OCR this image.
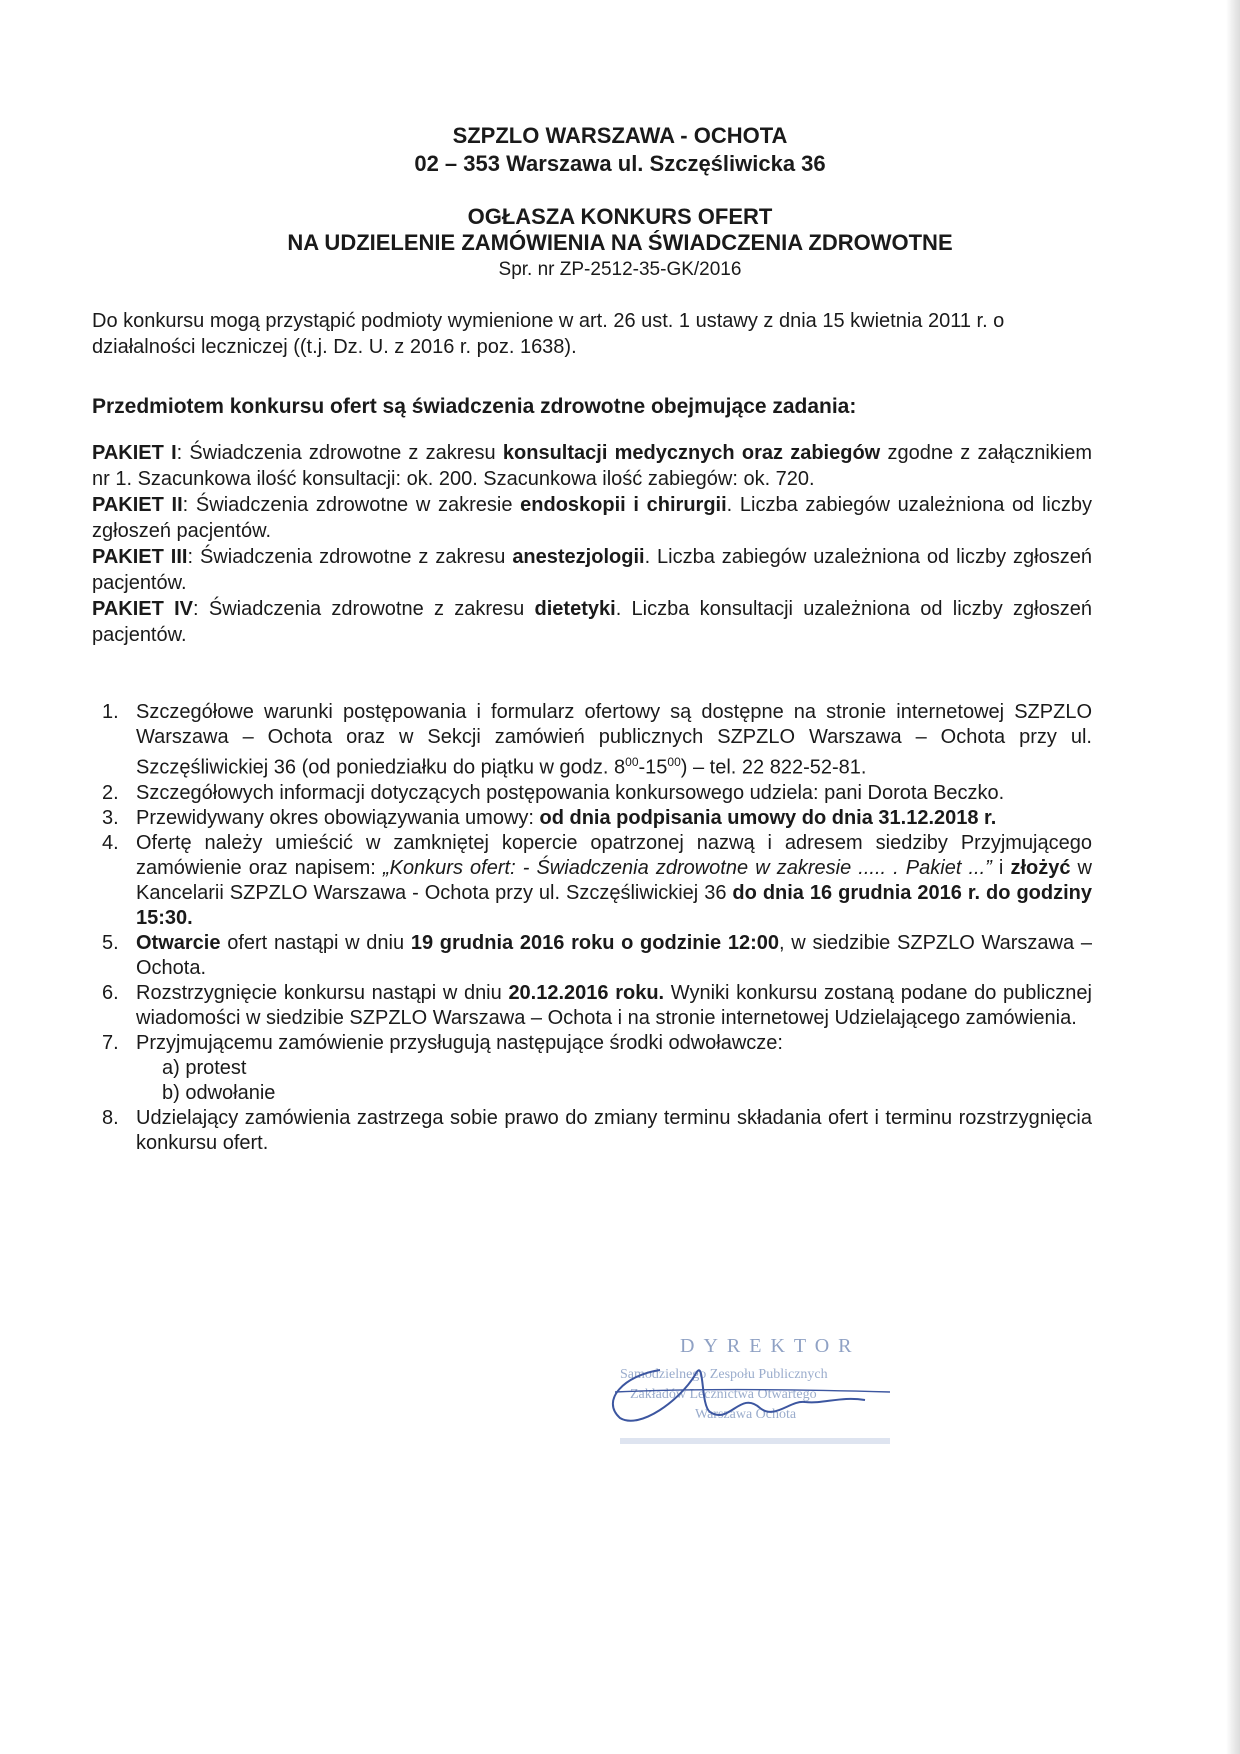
SZPZLO WARSZAWA - OCHOTA
02 – 353 Warszawa ul. Szczęśliwicka 36
OGŁASZA KONKURS OFERT
NA UDZIELENIE ZAMÓWIENIA NA ŚWIADCZENIA ZDROWOTNE
Spr. nr ZP-2512-35-GK/2016

Do konkursu mogą przystąpić podmioty wymienione w art. 26 ust. 1 ustawy z dnia 15 kwietnia 2011 r. o działalności leczniczej ((t.j. Dz. U. z 2016 r. poz. 1638).

Przedmiotem konkursu ofert są świadczenia zdrowotne obejmujące zadania:

PAKIET I: Świadczenia zdrowotne z zakresu konsultacji medycznych oraz zabiegów zgodne z załącznikiem nr 1. Szacunkowa ilość konsultacji: ok. 200. Szacunkowa ilość zabiegów: ok. 720.

PAKIET II: Świadczenia zdrowotne w zakresie endoskopii i chirurgii. Liczba zabiegów uzależniona od liczby zgłoszeń pacjentów.

PAKIET III: Świadczenia zdrowotne z zakresu anestezjologii. Liczba zabiegów uzależniona od liczby zgłoszeń pacjentów.

PAKIET IV: Świadczenia zdrowotne z zakresu dietetyki. Liczba konsultacji uzależniona od liczby zgłoszeń pacjentów.

1. Szczegółowe warunki postępowania i formularz ofertowy są dostępne na stronie internetowej SZPZLO Warszawa – Ochota oraz w Sekcji zamówień publicznych SZPZLO Warszawa – Ochota przy ul. Szczęśliwickiej 36 (od poniedziałku do piątku w godz. $8^{00}-15^{00}$) – tel. 22 822-52-81.

2. Szczegółowych informacji dotyczących postępowania konkursowego udziela: pani Dorota Beczko.

3. Przewidywany okres obowiązywania umowy: od dnia podpisania umowy do dnia 31.12.2018 r.

4. Ofertę należy umieścić w zamkniętej kopercie opatrzonej nazwą i adresem siedziby Przyjmującego zamówienie oraz napisem: „Konkurs ofert: - Świadczenia zdrowotne w zakresie ..... . Pakiet ...” i złożyć w Kancelarii SZPZLO Warszawa - Ochota przy ul. Szczęśliwickiej 36 do dnia 16 grudnia 2016 r. do godziny 15:30.

5. Otwarcie ofert nastąpi w dniu 19 grudnia 2016 roku o godzinie 12:00, w siedzibie SZPZLO Warszawa – Ochota.

6. Rozstrzygnięcie konkursu nastąpi w dniu 20.12.2016 roku. Wyniki konkursu zostaną podane do publicznej wiadomości w siedzibie SZPZLO Warszawa – Ochota i na stronie internetowej Udzielającego zamówienia.

7. Przyjmującemu zamówienie przysługują następujące środki odwoławcze:

a) protest

b) odwołanie

8. Udzielający zamówienia zastrzega sobie prawo do zmiany terminu składania ofert i terminu rozstrzygnięcia konkursu ofert.

DYREKTOR
Samodzielnego Zespołu Publicznych
Zakładów Lecznictwa Otwartego
Warszawa Ochota
